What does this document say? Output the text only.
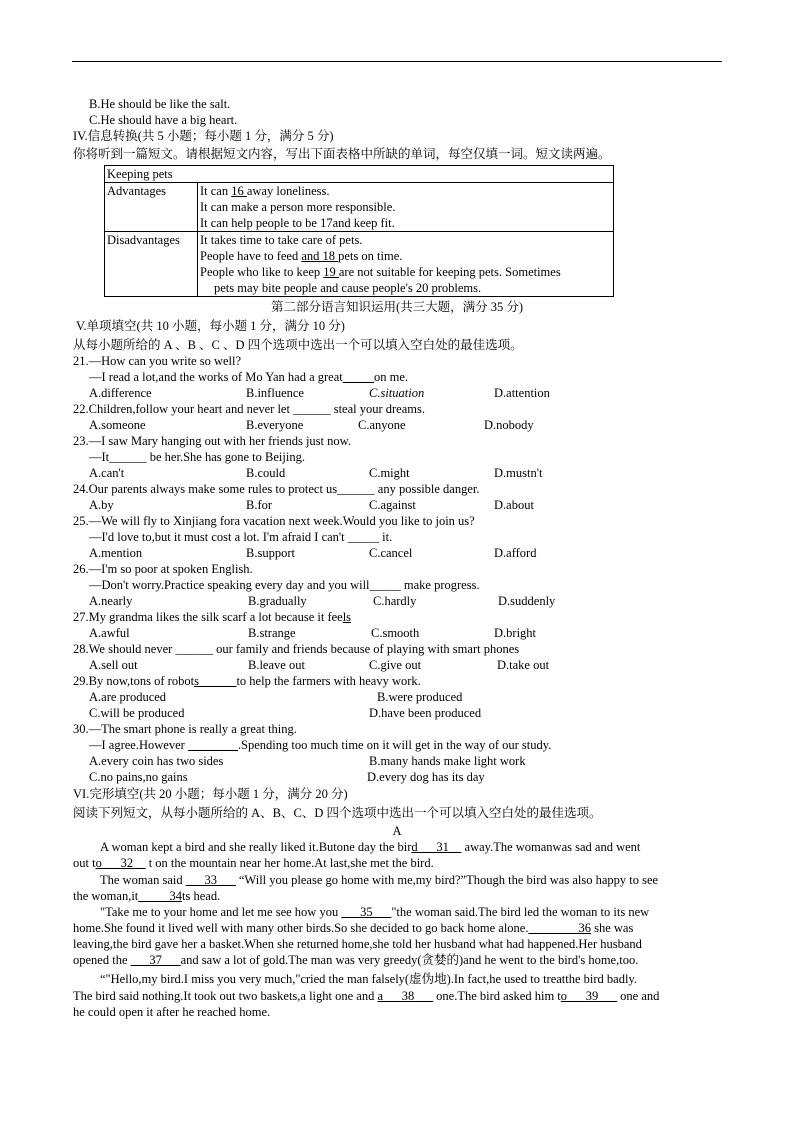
B.He should be like the salt.
C.He should have a big heart.
IV.信息转换(共 5 小题；每小题 1 分，满分 5 分)
你将听到一篇短文。请根据短文内容，写出下面表格中所缺的单词，每空仅填一词。短文读两遍。
Keeping pets	
Advantages	It can 16 away loneliness.
It can make a person more responsible.
It can help people to be 17and keep fit.

Disadvantages	It takes time to take care of pets.
People have to feed and 18 pets on time.
People who like to keep 19 are not suitable for keeping pets. Sometimes
pets may bite people and cause people's 20 problems.
第二部分语言知识运用(共三大题，满分 35 分)
V.单项填空(共 10 小题，每小题 1 分，满分 10 分)
从每小题所给的 A 、B 、C 、D 四个选项中选出一个可以填入空白处的最佳选项。
21.—How can you write so well?
—I read a lot,and the works of Mo Yan had a great_____on me.
A.difference	B.influence	C.situation	D.attention
22.Children,follow your heart and never let ______ steal your dreams.
A.someone	B.everyone	C.anyone	D.nobody
23.—I saw Mary hanging out with her friends just now.
—It______ be her.She has gone to Beijing.
A.can't	B.could	C.might	D.mustn't
24.Our parents always make some rules to protect us______ any possible danger.
A.by	B.for	C.against	D.about
25.—We will fly to Xinjiang fora vacation next week.Would you like to join us?
—I'd love to,but it must cost a lot. I'm afraid I can't _____ it.
A.mention	B.support	C.cancel	D.afford
26.—I'm so poor at spoken English.
—Don't worry.Practice speaking every day and you will_____ make progress.
A.nearly	B.gradually	C.hardly	D.suddenly
27.My grandma likes the silk scarf a lot because it feels
A.awful	B.strange	C.smooth	D.bright
28.We should never ______ our family and friends because of playing with smart phones
A.sell out	B.leave out	C.give out	D.take out
29.By now,tons of robots______to help the farmers with heavy work.
A.are produced	B.were produced
C.will be produced	D.have been produced
30.—The smart phone is really a great thing.
—I agree.However ________.Spending too much time on it will get in the way of our study.
A.every coin has two sides	B.many hands make light work
C.no pains,no gains	D.every dog has its day
VI.完形填空(共 20 小题；每小题 1 分，满分 20 分)
阅读下列短文，从每小题所给的 A、B、C、D 四个选项中选出一个可以填入空白处的最佳选项。
A
A woman kept a bird and she really liked it.Butone day the bird___31__ away.The womanwas sad and went
out to___32__ t on the mountain near her home.At last,she met the bird.
The woman said ___33___ “Will you please go home with me,my bird?”Though the bird was also happy to see
the woman,it_____34ts head.
"Take me to your home and let me see how you ___35___"the woman said.The bird led the woman to its new
home.She found it lived well with many other birds.So she decided to go back home alone.________36 she was
leaving,the bird gave her a basket.When she returned home,she told her husband what had happened.Her husband
opened the ___37___and saw a lot of gold.The man was very greedy(贪婪的)and he went to the bird's home,too.
“"Hello,my bird.I miss you very much,"cried the man falsely(虚伪地).In fact,he used to treatthe bird badly.
The bird said nothing.It took out two baskets,a light one and a___38___ one.The bird asked him to___39___ one and
he could open it after he reached home.
